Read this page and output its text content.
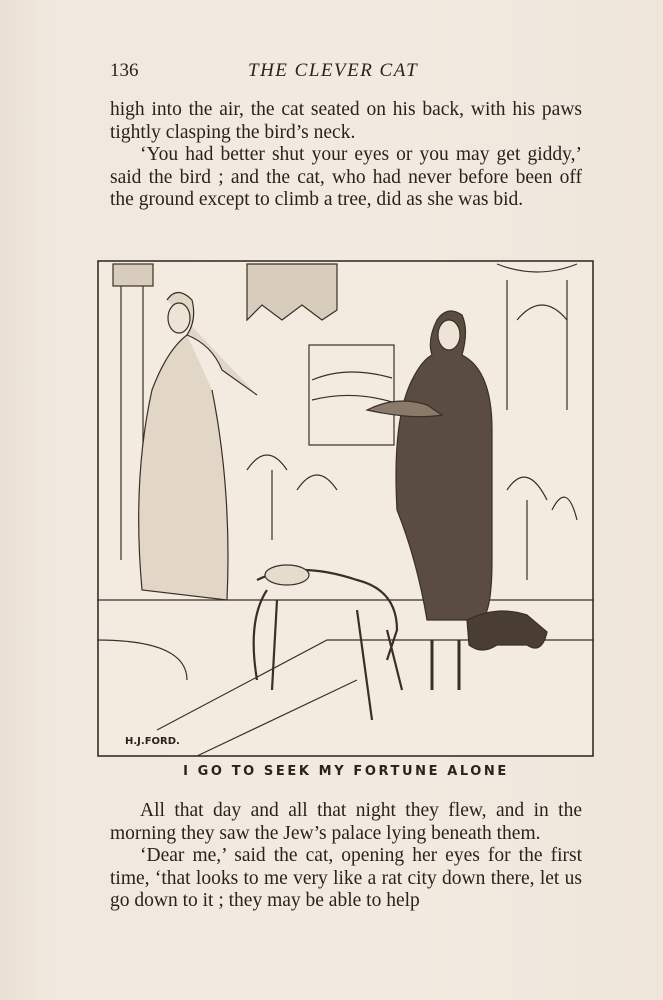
136	THE CLEVER CAT

high into the air, the cat seated on his back, with his paws tightly clasping the bird’s neck.

‘You had better shut your eyes or you may get giddy,’ said the bird ; and the cat, who had never before been off the ground except to climb a tree, did as she was bid.

H.J.FORD.
I GO TO SEEK MY FORTUNE ALONE

All that day and all that night they flew, and in the morning they saw the Jew’s palace lying beneath them.

‘Dear me,’ said the cat, opening her eyes for the first time, ‘that looks to me very like a rat city down there, let us go down to it ; they may be able to help
